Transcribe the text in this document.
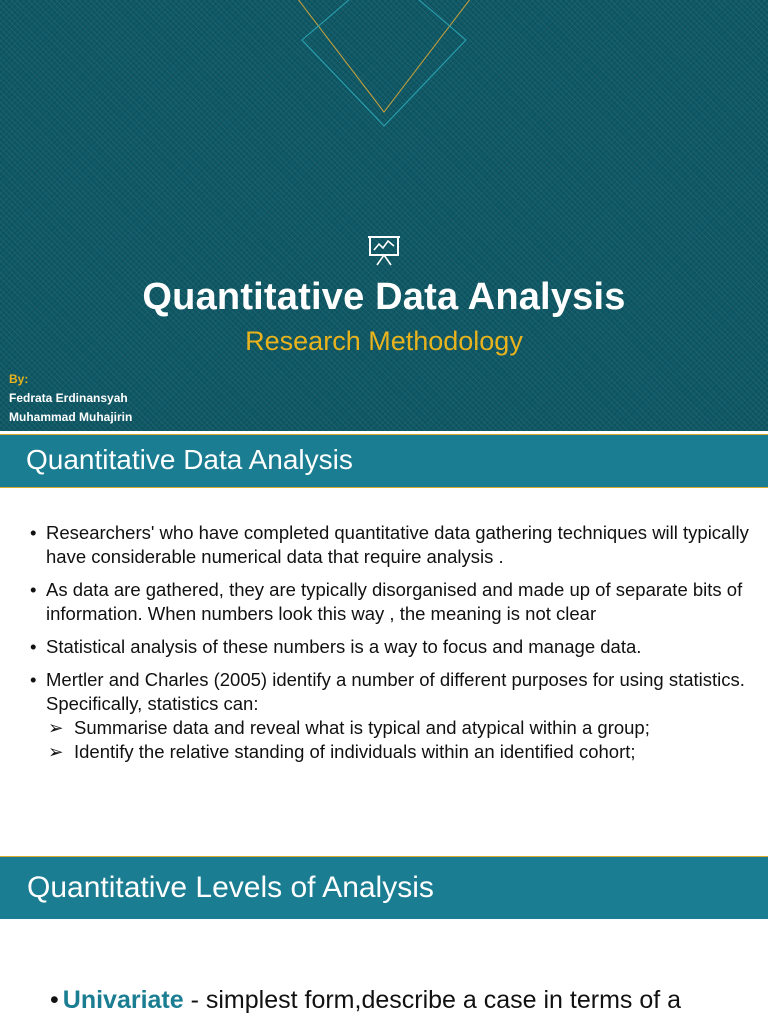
Quantitative Data Analysis
Research Methodology
By:
Fedrata Erdinansyah
Muhammad Muhajirin
Quantitative Data Analysis
• Researchers' who have completed quantitative data gathering techniques will typically have considerable numerical data that require analysis .
• As data are gathered, they are typically disorganised and made up of separate bits of information. When numbers look this way , the meaning is not clear
• Statistical analysis of these numbers is a way to focus and manage data.
• Mertler and Charles (2005) identify a number of different purposes for using statistics. Specifically, statistics can:
➢ Summarise data and reveal what is typical and atypical within a group;
➢ Identify the relative standing of individuals within an identified cohort;
Quantitative Levels of Analysis
• Univariate - simplest form,describe a case in terms of a
